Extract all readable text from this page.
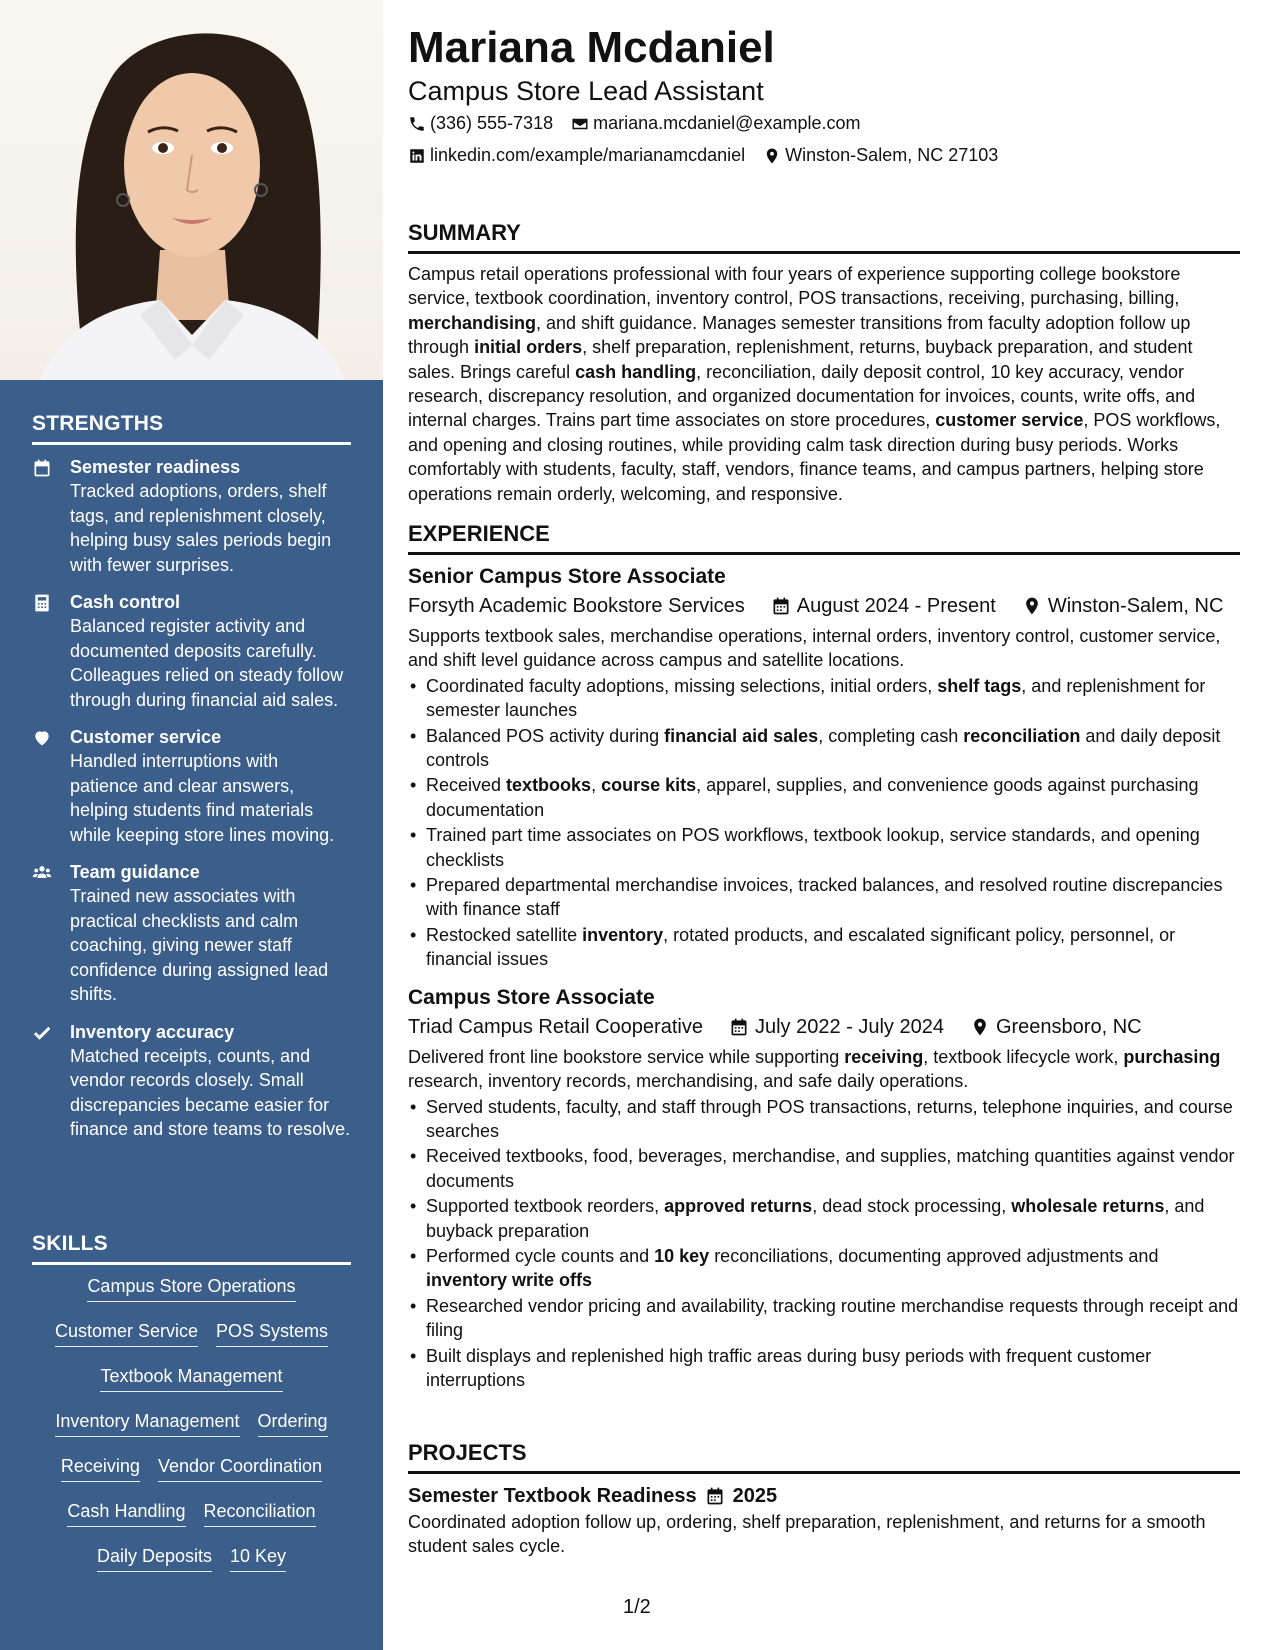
STRENGTHS
Semester readiness
Tracked adoptions, orders, shelf tags, and replenishment closely, helping busy sales periods begin with fewer surprises.
Cash control
Balanced register activity and documented deposits carefully. Colleagues relied on steady follow through during financial aid sales.
Customer service
Handled interruptions with patience and clear answers, helping students find materials while keeping store lines moving.
Team guidance
Trained new associates with practical checklists and calm coaching, giving newer staff confidence during assigned lead shifts.
Inventory accuracy
Matched receipts, counts, and vendor records closely. Small discrepancies became easier for finance and store teams to resolve.
SKILLS
Campus Store Operations
Customer Service POS Systems
Textbook Management
Inventory Management Ordering
Receiving Vendor Coordination
Cash Handling Reconciliation
Daily Deposits 10 Key
Mariana Mcdaniel
Campus Store Lead Assistant
(336) 555-7318 mariana.mcdaniel@example.com
linkedin.com/example/marianamcdaniel Winston-Salem, NC 27103
SUMMARY
Campus retail operations professional with four years of experience supporting college bookstore service, textbook coordination, inventory control, POS transactions, receiving, purchasing, billing, merchandising, and shift guidance. Manages semester transitions from faculty adoption follow up through initial orders, shelf preparation, replenishment, returns, buyback preparation, and student sales. Brings careful cash handling, reconciliation, daily deposit control, 10 key accuracy, vendor research, discrepancy resolution, and organized documentation for invoices, counts, write offs, and internal charges. Trains part time associates on store procedures, customer service, POS workflows, and opening and closing routines, while providing calm task direction during busy periods. Works comfortably with students, faculty, staff, vendors, finance teams, and campus partners, helping store operations remain orderly, welcoming, and responsive.
EXPERIENCE
Senior Campus Store Associate
Forsyth Academic Bookstore Services	August 2024 - Present	Winston-Salem, NC
Supports textbook sales, merchandise operations, internal orders, inventory control, customer service, and shift level guidance across campus and satellite locations.
• Coordinated faculty adoptions, missing selections, initial orders, shelf tags, and replenishment for semester launches
• Balanced POS activity during financial aid sales, completing cash reconciliation and daily deposit controls
• Received textbooks, course kits, apparel, supplies, and convenience goods against purchasing documentation
• Trained part time associates on POS workflows, textbook lookup, service standards, and opening checklists
• Prepared departmental merchandise invoices, tracked balances, and resolved routine discrepancies with finance staff
• Restocked satellite inventory, rotated products, and escalated significant policy, personnel, or financial issues
Campus Store Associate
Triad Campus Retail Cooperative	July 2022 - July 2024	Greensboro, NC
Delivered front line bookstore service while supporting receiving, textbook lifecycle work, purchasing research, inventory records, merchandising, and safe daily operations.
• Served students, faculty, and staff through POS transactions, returns, telephone inquiries, and course searches
• Received textbooks, food, beverages, merchandise, and supplies, matching quantities against vendor documents
• Supported textbook reorders, approved returns, dead stock processing, wholesale returns, and buyback preparation
• Performed cycle counts and 10 key reconciliations, documenting approved adjustments and inventory write offs
• Researched vendor pricing and availability, tracking routine merchandise requests through receipt and filing
• Built displays and replenished high traffic areas during busy periods with frequent customer interruptions
PROJECTS
Semester Textbook Readiness 2025
Coordinated adoption follow up, ordering, shelf preparation, replenishment, and returns for a smooth student sales cycle.
1/2
